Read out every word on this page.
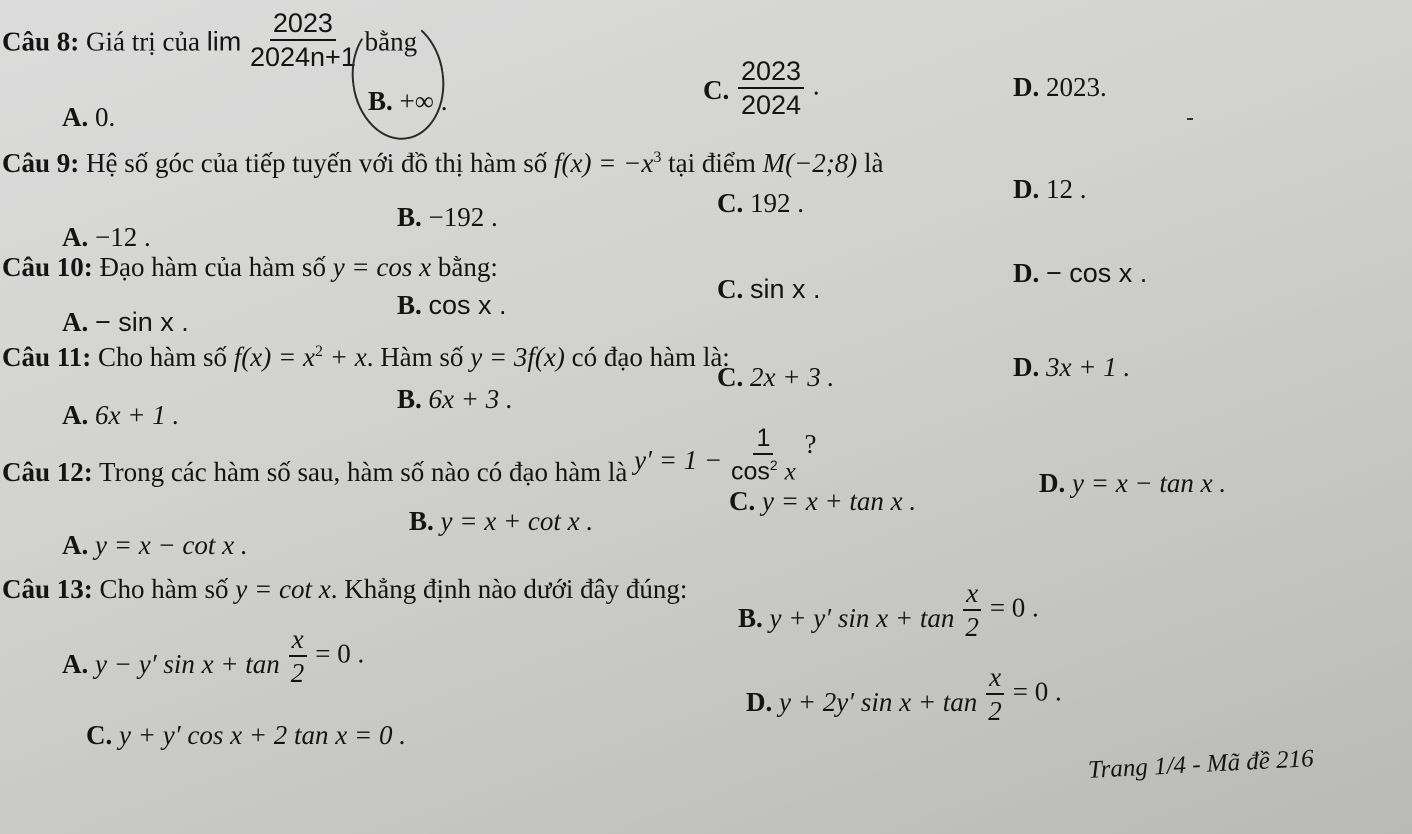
Câu 8: Giá trị của $\lim \frac{2023}{2024n+1}$ bằng
A. 0.
B. +∞ .	C. $\frac{2023}{2024}$ .	D. 2023.
Câu 9: Hệ số góc của tiếp tuyến với đồ thị hàm số $f(x) = -x^3$ tại điểm M(−2;8) là
A. −12 .
B. −192 .	C. 192 .	D. 12 .
Câu 10: Đạo hàm của hàm số y = cos x bằng:
A. − sin x .
B. cos x .
C. sin x .
D. − cos x .
Câu 11: Cho hàm số $f(x) = x^2 + x$. Hàm số y = 3f(x) có đạo hàm là:
A. 6x + 1 .
B. 6x + 3 .
C. 2x + 3 .	D. 3x + 1 .
Câu 12: Trong các hàm số sau, hàm số nào có đạo hàm là $y' = 1 - \frac{1}{\cos^2 x}$ ?
A. y = x − cot x .
B. y = x + cot x .
C. y = x + tan x .
D. y = x − tan x .
Câu 13: Cho hàm số y = cot x. Khẳng định nào dưới đây đúng:
A. y − y′ $\sin x + \tan \frac{x}{2} = 0$ .
B. y + y′ $\sin x + \tan \frac{x}{2} = 0$ .
D. y + 2y′ $\sin x + \tan \frac{x}{2} = 0$ .
C. y + y′ cos x + 2 tan x = 0 .
Trang 1/4 - Mã đề 216
